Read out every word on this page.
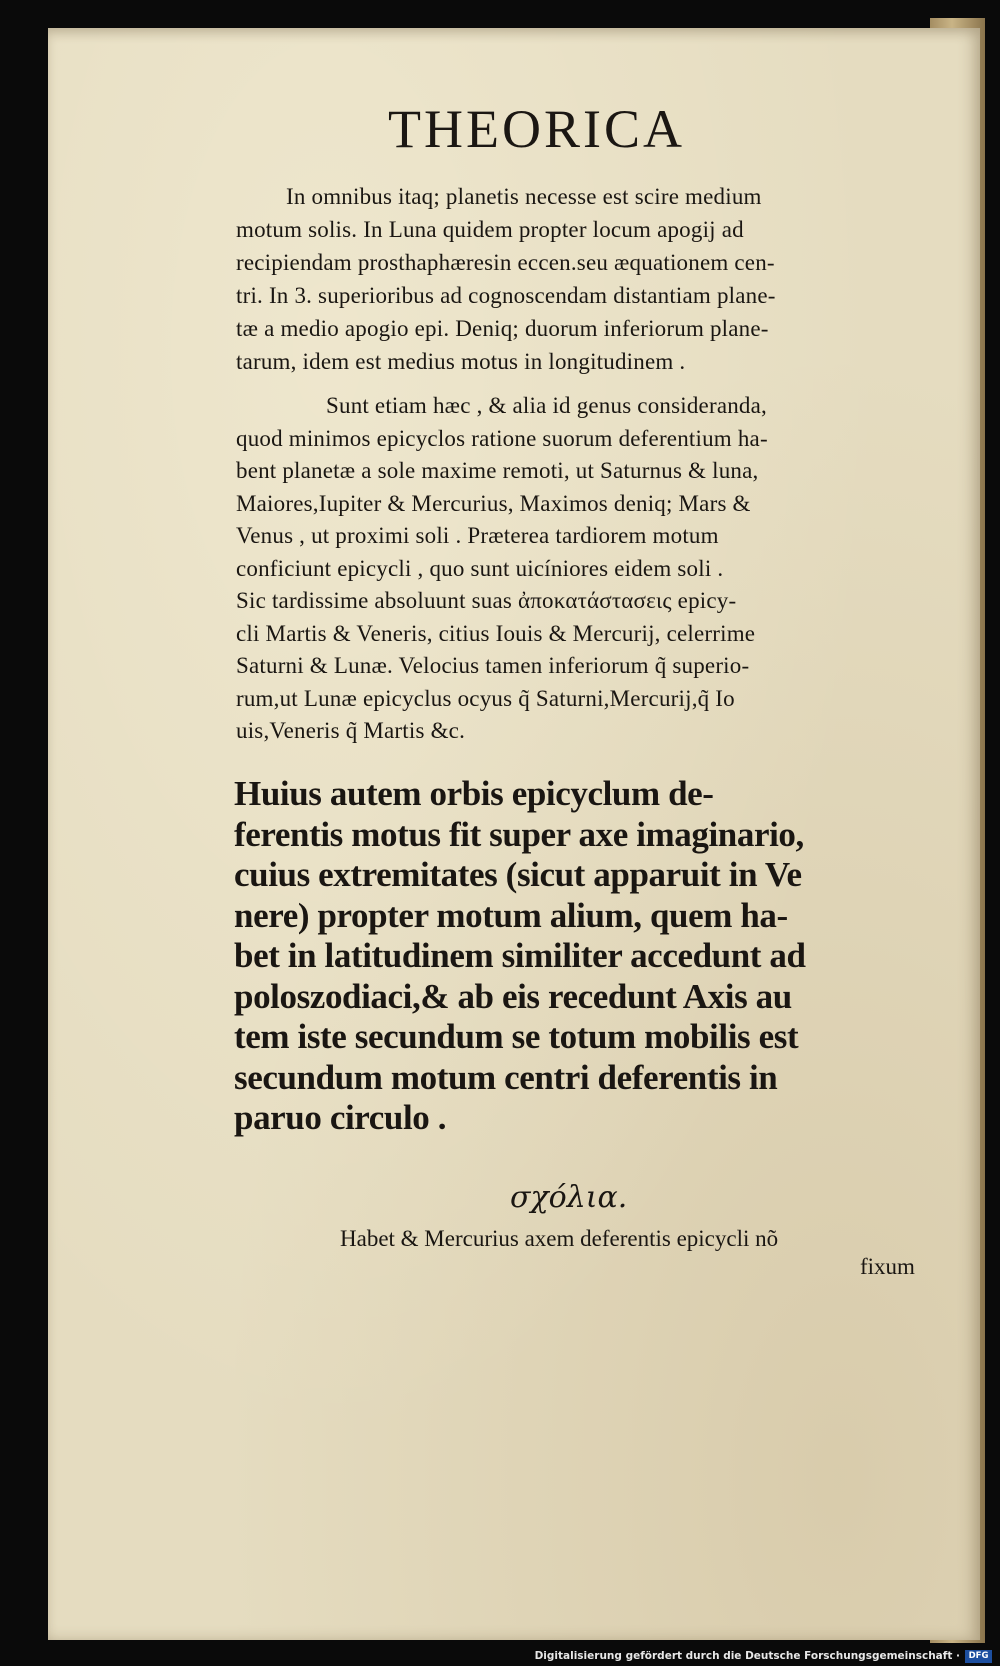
THEORICA

In omnibus itaq; planetis necesse est scire medium
motum solis. In Luna quidem propter locum apogij ad
recipiendam prosthaphæresin eccen.seu æquationem cen-
tri. In 3. superioribus ad cognoscendam distantiam plane-
tæ a medio apogio epi. Deniq; duorum inferiorum plane-
tarum, idem est medius motus in longitudinem .

Sunt etiam hæc , & alia id genus consideranda,
quod minimos epicyclos ratione suorum deferentium ha-
bent planetæ a sole maxime remoti, ut Saturnus & luna,
Maiores,Iupiter & Mercurius, Maximos deniq; Mars &
Venus , ut proximi soli . Præterea tardiorem motum
conficiunt epicycli , quo sunt uicíniores eidem soli .
Sic tardissime absoluunt suas ἀποκατάστασεις epicy-
cli Martis & Veneris, citius Iouis & Mercurij, celerrime
Saturni & Lunæ. Velocius tamen inferiorum q̃ superio-
rum,ut Lunæ epicyclus ocyus q̃ Saturni,Mercurij,q̃ Io
uis,Veneris q̃ Martis &c.

Huius autem orbis epicyclum de-
ferentis motus fit super axe imaginario,
cuius extremitates (sicut apparuit in Ve
nere) propter motum alium, quem ha-
bet in latitudinem similiter accedunt ad
poloszodiaci,& ab eis recedunt Axis au
tem iste secundum se totum mobilis est
secundum motum centri deferentis in
paruo circulo .

σχόλια.
Habet & Mercurius axem deferentis epicycli nõ
fixum
Digitalisierung gefördert durch die Deutsche Forschungsgemeinschaft ·	DFG
